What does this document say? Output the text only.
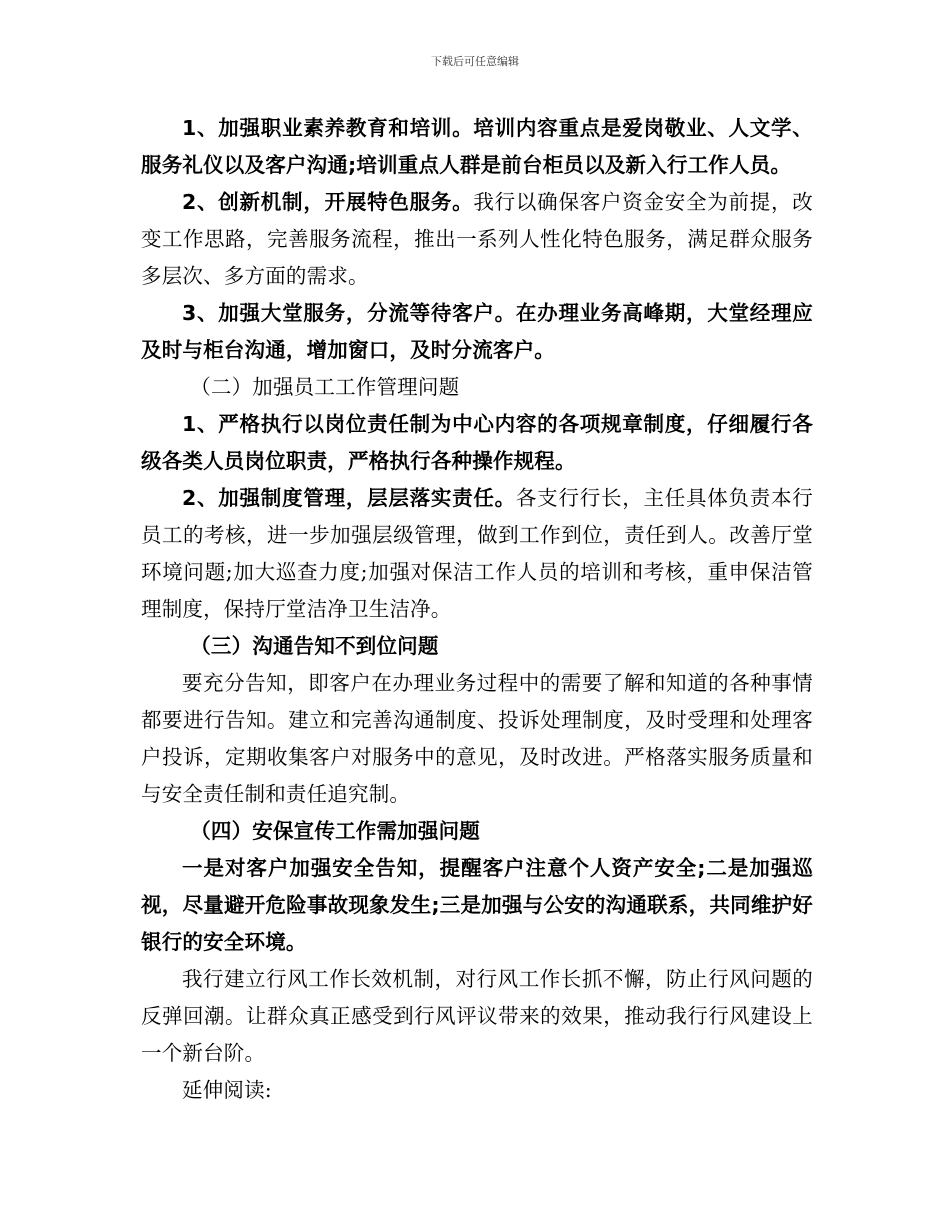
下载后可任意编辑

1、加强职业素养教育和培训。培训内容重点是爱岗敬业、人文学、服务礼仪以及客户沟通;培训重点人群是前台柜员以及新入行工作人员。

2、创新机制，开展特色服务。我行以确保客户资金安全为前提，改变工作思路，完善服务流程，推出一系列人性化特色服务，满足群众服务多层次、多方面的需求。

3、加强大堂服务，分流等待客户。在办理业务高峰期，大堂经理应及时与柜台沟通，增加窗口，及时分流客户。

（二）加强员工工作管理问题

1、严格执行以岗位责任制为中心内容的各项规章制度，仔细履行各级各类人员岗位职责，严格执行各种操作规程。

2、加强制度管理，层层落实责任。各支行行长，主任具体负责本行员工的考核，进一步加强层级管理，做到工作到位，责任到人。改善厅堂环境问题;加大巡查力度;加强对保洁工作人员的培训和考核，重申保洁管理制度，保持厅堂洁净卫生洁净。

（三）沟通告知不到位问题

要充分告知，即客户在办理业务过程中的需要了解和知道的各种事情都要进行告知。建立和完善沟通制度、投诉处理制度，及时受理和处理客户投诉，定期收集客户对服务中的意见，及时改进。严格落实服务质量和与安全责任制和责任追究制。

（四）安保宣传工作需加强问题

一是对客户加强安全告知，提醒客户注意个人资产安全;二是加强巡视，尽量避开危险事故现象发生;三是加强与公安的沟通联系，共同维护好银行的安全环境。

我行建立行风工作长效机制，对行风工作长抓不懈，防止行风问题的反弹回潮。让群众真正感受到行风评议带来的效果，推动我行行风建设上一个新台阶。

延伸阅读:
